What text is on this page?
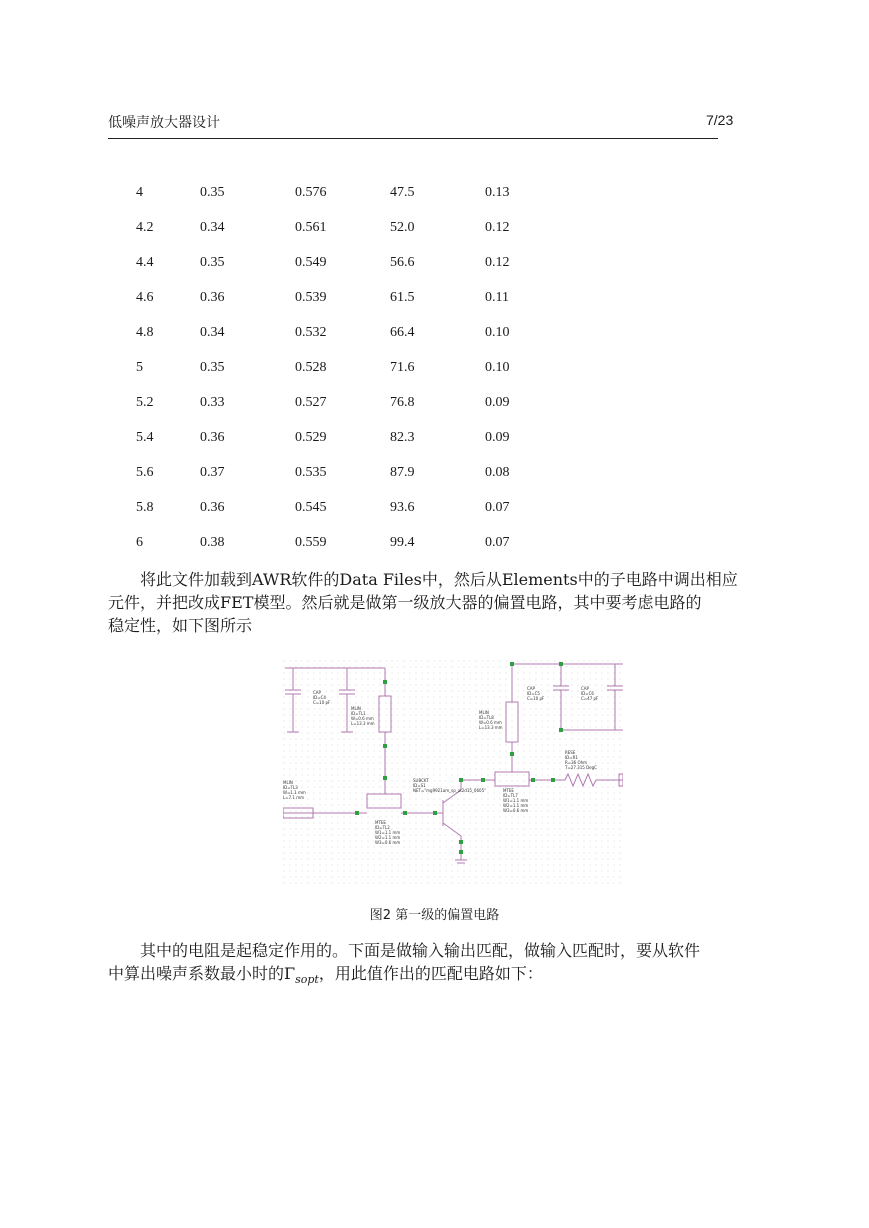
低噪声放大器设计	7/23
4	0.35	0.576	47.5	0.13
4.2	0.34	0.561	52.0	0.12
4.4	0.35	0.549	56.6	0.12
4.6	0.36	0.539	61.5	0.11
4.8	0.34	0.532	66.4	0.10
5	0.35	0.528	71.6	0.10
5.2	0.33	0.527	76.8	0.09
5.4	0.36	0.529	82.3	0.09
5.6	0.37	0.535	87.9	0.08
5.8	0.36	0.545	93.6	0.07
6	0.38	0.559	99.4	0.07

将此文件加载到AWR软件的Data Files中，然后从Elements中的子电路中调出相应

元件，并把改成FET模型。然后就是做第一级放大器的偏置电路，其中要考虑电路的

稳定性，如下图所示

CAP
ID=C4
C=10 pF
MLIN
ID=TL1
W=0.6 mm
L=13.3 mm
MLIN
ID=TL8
W=0.6 mm
L=13.3 mm
CAP
ID=C5
C=10 pF
CAP
ID=C6
C=47 pF
RESE
ID=R1
R=36 Ohm
T=27.315 DegC
SUBCKT
ID=S1
NET="mg9921am_sp_at2d15_0605"	MTEE
ID=TL7
W1=1.1 mm
W2=1.1 mm
W3=0.6 mm
MTEE
ID=TL2
W1=1.1 mm
W2=1.1 mm
W3=0.6 mm
MLIN
ID=TL3
W=1.1 mm
L=7.1 mm
图2 第一级的偏置电路

其中的电阻是起稳定作用的。下面是做输入输出匹配，做输入匹配时，要从软件

中算出噪声系数最小时的$\Gamma_{sopt}$，用此值作出的匹配电路如下：
